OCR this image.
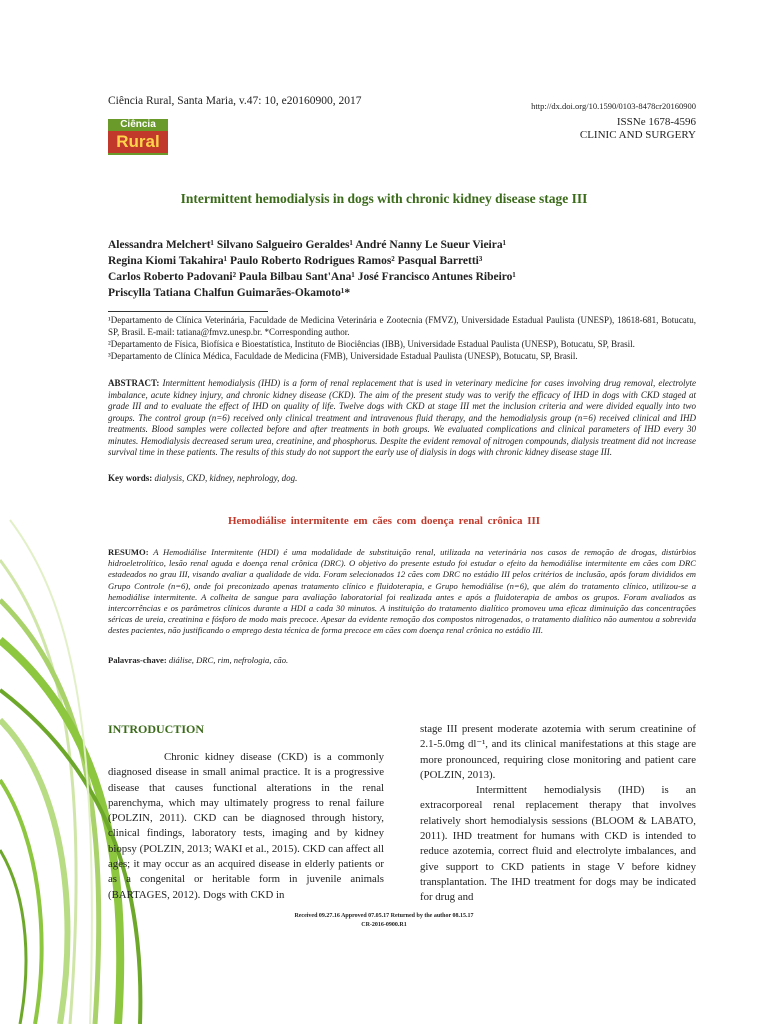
Ciência Rural, Santa Maria, v.47: 10, e20160900, 2017	http://dx.doi.org/10.1590/0103-8478cr20160900
ISSNe 1678-4596
CLINIC AND SURGERY
Ciência
Rural
Intermittent hemodialysis in dogs with chronic kidney disease stage III
Alessandra Melchert¹ Silvano Salgueiro Geraldes¹ André Nanny Le Sueur Vieira¹
Regina Kiomi Takahira¹ Paulo Roberto Rodrigues Ramos² Pasqual Barretti³
Carlos Roberto Padovani² Paula Bilbau Sant'Ana¹ José Francisco Antunes Ribeiro¹
Priscylla Tatiana Chalfun Guimarães-Okamoto¹*
¹Departamento de Clínica Veterinária, Faculdade de Medicina Veterinária e Zootecnia (FMVZ), Universidade Estadual Paulista (UNESP), 18618-681, Botucatu, SP, Brasil. E-mail: tatiana@fmvz.unesp.br. *Corresponding author.
²Departamento de Física, Biofísica e Bioestatística, Instituto de Biociências (IBB), Universidade Estadual Paulista (UNESP), Botucatu, SP, Brasil.
³Departamento de Clínica Médica, Faculdade de Medicina (FMB), Universidade Estadual Paulista (UNESP), Botucatu, SP, Brasil.
ABSTRACT: Intermittent hemodialysis (IHD) is a form of renal replacement that is used in veterinary medicine for cases involving drug removal, electrolyte imbalance, acute kidney injury, and chronic kidney disease (CKD). The aim of the present study was to verify the efficacy of IHD in dogs with CKD staged at grade III and to evaluate the effect of IHD on quality of life. Twelve dogs with CKD at stage III met the inclusion criteria and were divided equally into two groups. The control group (n=6) received only clinical treatment and intravenous fluid therapy, and the hemodialysis group (n=6) received clinical and IHD treatments. Blood samples were collected before and after treatments in both groups. We evaluated complications and clinical parameters of IHD every 30 minutes. Hemodialysis decreased serum urea, creatinine, and phosphorus. Despite the evident removal of nitrogen compounds, dialysis treatment did not increase survival time in these patients. The results of this study do not support the early use of dialysis in dogs with chronic kidney disease stage III.
Key words: dialysis, CKD, kidney, nephrology, dog.
Hemodiálise intermitente em cães com doença renal crônica III
RESUMO: A Hemodiálise Intermitente (HDI) é uma modalidade de substituição renal, utilizada na veterinária nos casos de remoção de drogas, distúrbios hidroeletrolítico, lesão renal aguda e doença renal crônica (DRC). O objetivo do presente estudo foi estudar o efeito da hemodiálise intermitente em cães com DRC estadeados no grau III, visando avaliar a qualidade de vida. Foram selecionados 12 cães com DRC no estádio III pelos critérios de inclusão, após foram divididos em Grupo Controle (n=6), onde foi preconizado apenas tratamento clínico e fluidoterapia, e Grupo hemodiálise (n=6), que além do tratamento clínico, utilizou-se a hemodiálise intermitente. A colheita de sangue para avaliação laboratorial foi realizada antes e após a fluidoterapia de ambos os grupos. Foram avaliados as intercorrências e os parâmetros clínicos durante a HDI a cada 30 minutos. A instituição do tratamento dialítico promoveu uma eficaz diminuição das concentrações séricas de ureia, creatinina e fósforo de modo mais precoce. Apesar da evidente remoção dos compostos nitrogenados, o tratamento dialítico não aumentou a sobrevida destes pacientes, não justificando o emprego desta técnica de forma precoce em cães com doença renal crônica no estádio III.
Palavras-chave: diálise, DRC, rim, nefrologia, cão.
INTRODUCTION

Chronic kidney disease (CKD) is a commonly diagnosed disease in small animal practice. It is a progressive disease that causes functional alterations in the renal parenchyma, which may ultimately progress to renal failure (POLZIN, 2011). CKD can be diagnosed through history, clinical findings, laboratory tests, imaging and by kidney biopsy (POLZIN, 2013; WAKI et al., 2015). CKD can affect all ages; it may occur as an acquired disease in elderly patients or as a congenital or heritable form in juvenile animals (BARTAGES, 2012). Dogs with CKD in

stage III present moderate azotemia with serum creatinine of 2.1-5.0mg dl⁻¹, and its clinical manifestations at this stage are more pronounced, requiring close monitoring and patient care (POLZIN, 2013).

Intermittent hemodialysis (IHD) is an extracorporeal renal replacement therapy that involves relatively short hemodialysis sessions (BLOOM & LABATO, 2011). IHD treatment for humans with CKD is intended to reduce azotemia, correct fluid and electrolyte imbalances, and give support to CKD patients in stage V before kidney transplantation. The IHD treatment for dogs may be indicated for drug and

Received 09.27.16 Approved 07.05.17 Returned by the author 08.15.17
CR-2016-0900.R1
